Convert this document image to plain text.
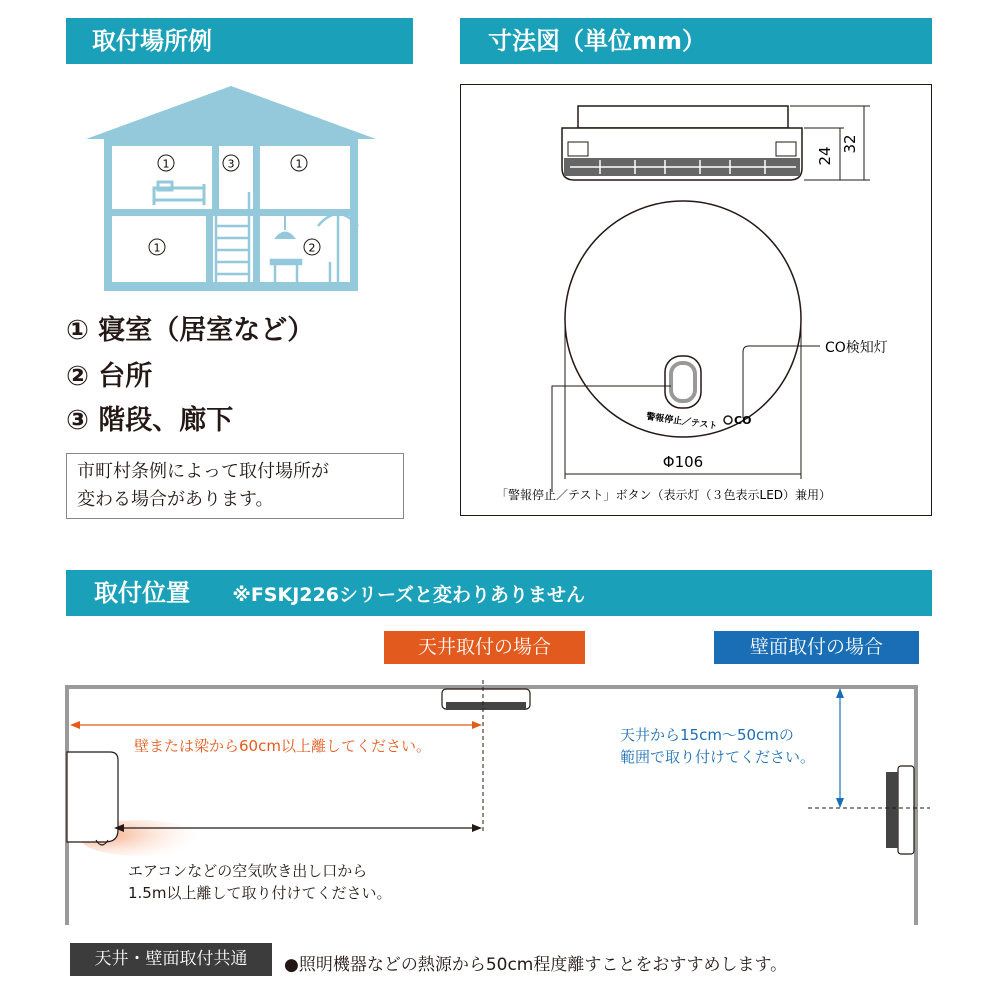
取付場所例
1	3	1
1	2
① 寝室（居室など）
② 台所
③ 階段、廊下
市町村条例によって取付場所が
変わる場合があります。
寸法図（単位mm）
24
32
警報停止／テスト CO
CO検知灯
Φ106
「警報停止／テスト」ボタン（表示灯（３色表示LED）兼用）
取付位置 ※FSKJ226シリーズと変わりありません
天井取付の場合	壁面取付の場合
壁または梁から60cm以上離してください。
天井から15cm～50cmの
範囲で取り付けてください。
エアコンなどの空気吹き出し口から
1.5m以上離して取り付けてください。
天井・壁面取付共通	●照明機器などの熱源から50cm程度離すことをおすすめします。
